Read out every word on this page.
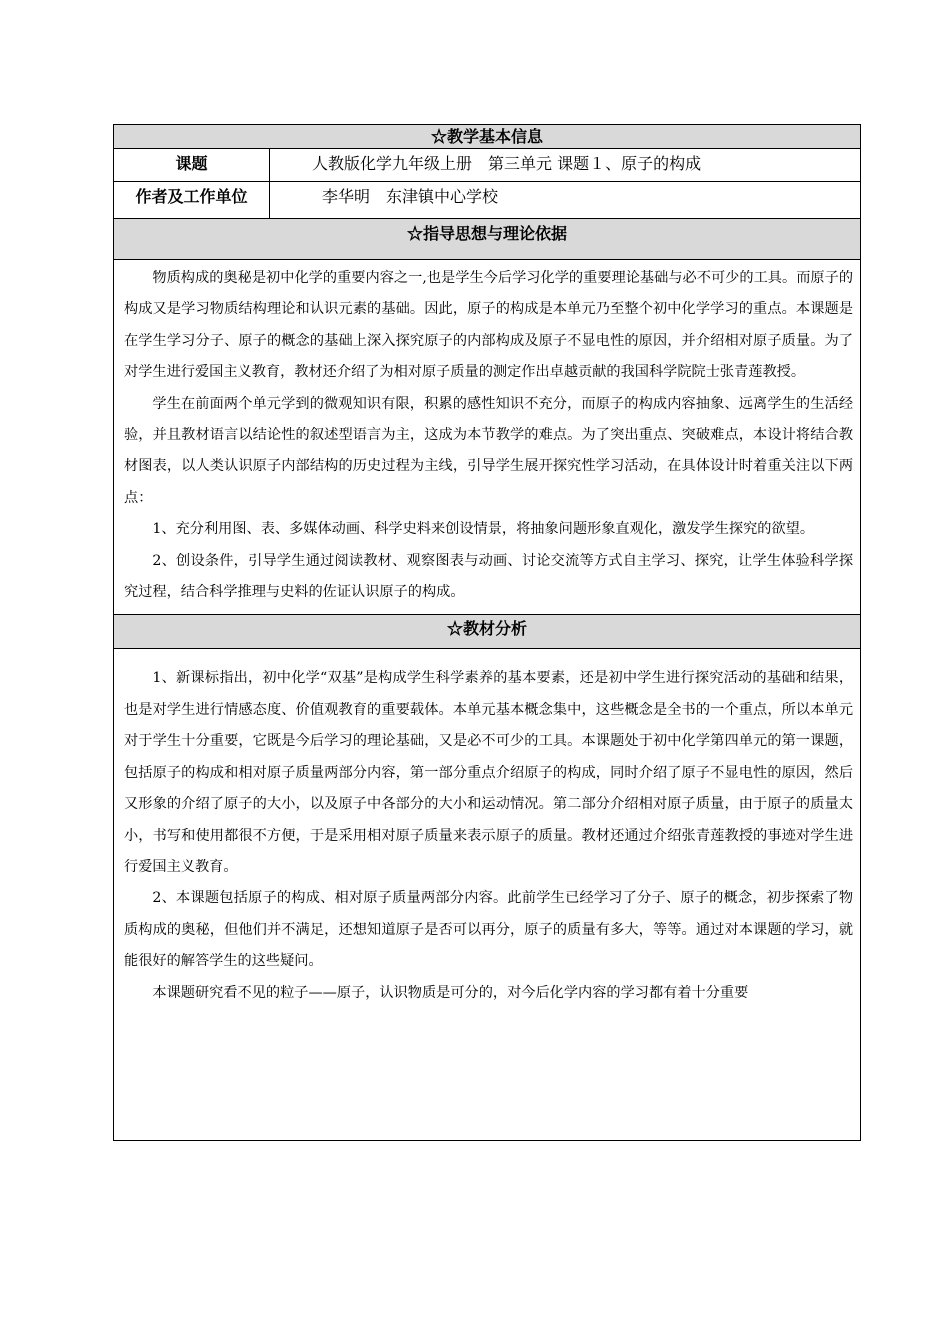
☆教学基本信息	
课题	人教版化学九年级上册　第三单元 课题１、原子的构成
作者及工作单位	李华明　东津镇中心学校
☆指导思想与理论依据	

物质构成的奥秘是初中化学的重要内容之一,也是学生今后学习化学的重要理论基础与必不可少的工具。而原子的构成又是学习物质结构理论和认识元素的基础。因此，原子的构成是本单元乃至整个初中化学学习的重点。本课题是在学生学习分子、原子的概念的基础上深入探究原子的内部构成及原子不显电性的原因，并介绍相对原子质量。为了对学生进行爱国主义教育，教材还介绍了为相对原子质量的测定作出卓越贡献的我国科学院院士张青莲教授。

学生在前面两个单元学到的微观知识有限，积累的感性知识不充分，而原子的构成内容抽象、远离学生的生活经验，并且教材语言以结论性的叙述型语言为主，这成为本节教学的难点。为了突出重点、突破难点，本设计将结合教材图表，以人类认识原子内部结构的历史过程为主线，引导学生展开探究性学习活动，在具体设计时着重关注以下两点：

1、充分利用图、表、多媒体动画、科学史料来创设情景，将抽象问题形象直观化，激发学生探究的欲望。

2、创设条件，引导学生通过阅读教材、观察图表与动画、讨论交流等方式自主学习、探究，让学生体验科学探究过程，结合科学推理与史料的佐证认识原子的构成。	

☆教材分析	

1、新课标指出，初中化学“双基”是构成学生科学素养的基本要素，还是初中学生进行探究活动的基础和结果，也是对学生进行情感态度、价值观教育的重要载体。本单元基本概念集中，这些概念是全书的一个重点，所以本单元对于学生十分重要，它既是今后学习的理论基础，又是必不可少的工具。本课题处于初中化学第四单元的第一课题，包括原子的构成和相对原子质量两部分内容，第一部分重点介绍原子的构成，同时介绍了原子不显电性的原因，然后又形象的介绍了原子的大小，以及原子中各部分的大小和运动情况。第二部分介绍相对原子质量，由于原子的质量太小，书写和使用都很不方便，于是采用相对原子质量来表示原子的质量。教材还通过介绍张青莲教授的事迹对学生进行爱国主义教育。

2、本课题包括原子的构成、相对原子质量两部分内容。此前学生已经学习了分子、原子的概念，初步探索了物质构成的奥秘，但他们并不满足，还想知道原子是否可以再分，原子的质量有多大，等等。通过对本课题的学习，就能很好的解答学生的这些疑问。

本课题研究看不见的粒子——原子，认识物质是可分的，对今后化学内容的学习都有着十分重要	
